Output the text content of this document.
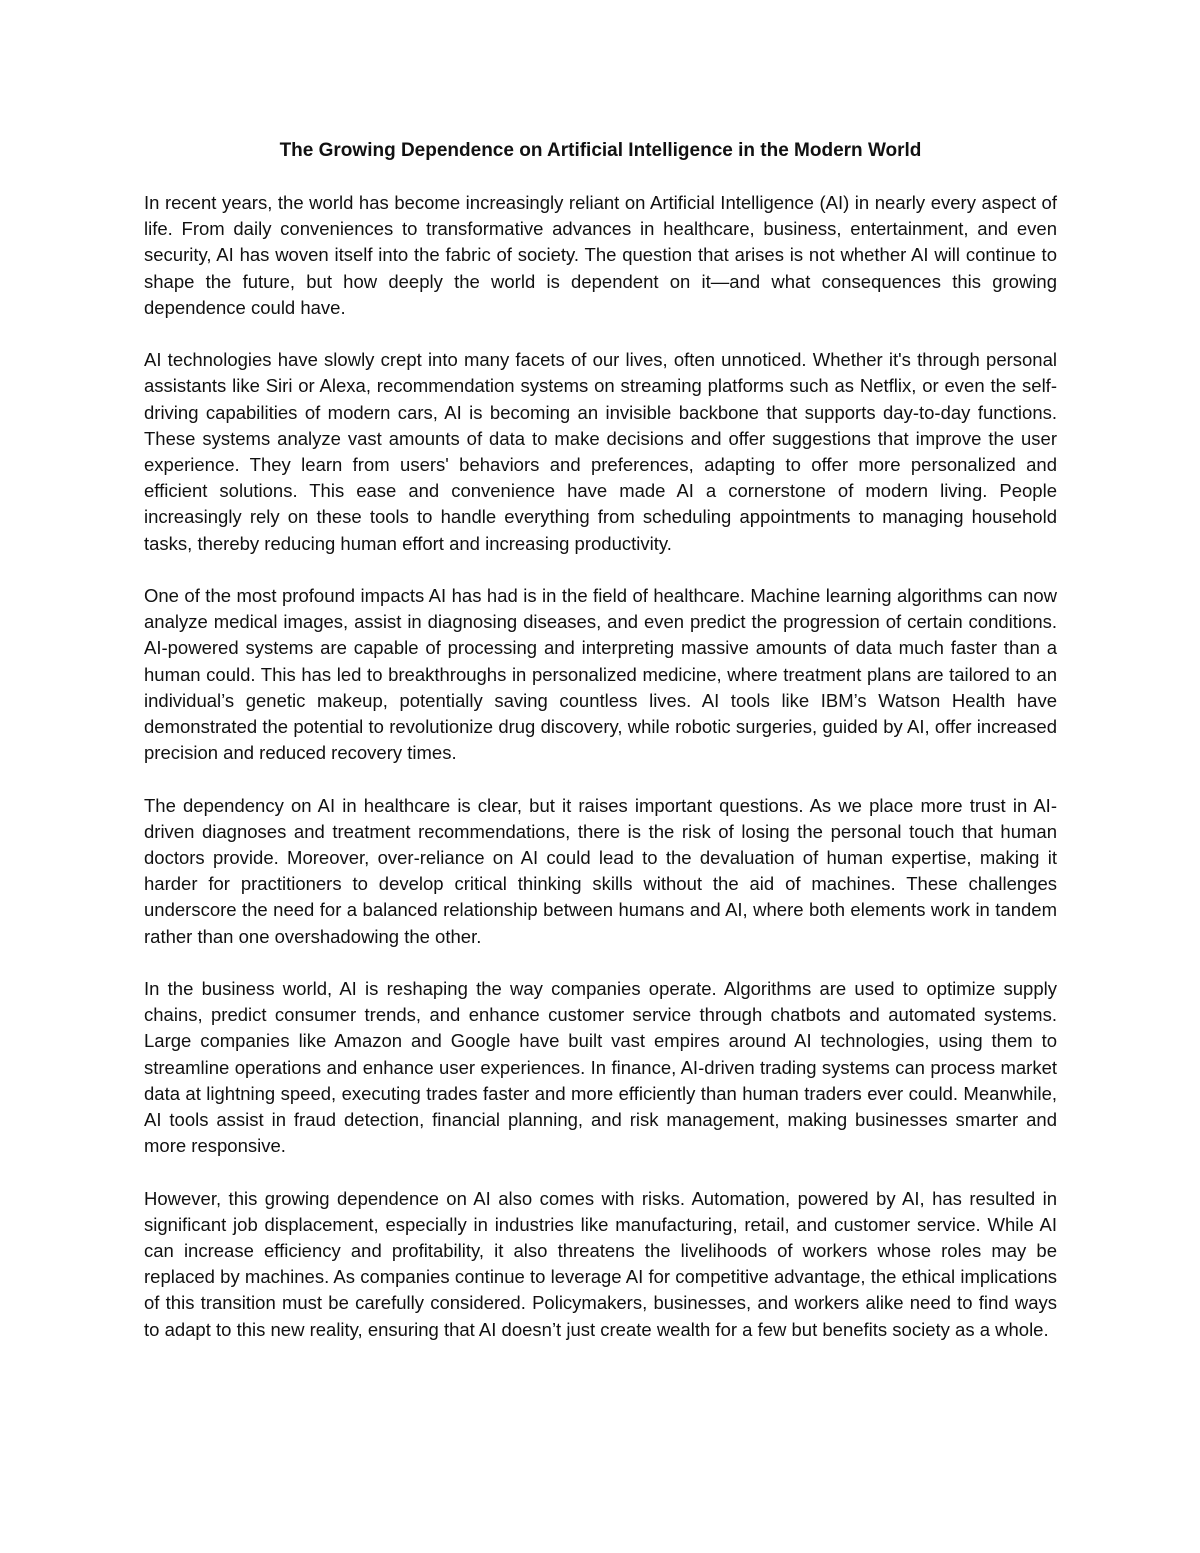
The Growing Dependence on Artificial Intelligence in the Modern World

In recent years, the world has become increasingly reliant on Artificial Intelligence (AI) in nearly every aspect of life. From daily conveniences to transformative advances in healthcare, business, entertainment, and even security, AI has woven itself into the fabric of society. The question that arises is not whether AI will continue to shape the future, but how deeply the world is dependent on it—and what consequences this growing dependence could have.

AI technologies have slowly crept into many facets of our lives, often unnoticed. Whether it's through personal assistants like Siri or Alexa, recommendation systems on streaming platforms such as Netflix, or even the self-driving capabilities of modern cars, AI is becoming an invisible backbone that supports day-to-day functions. These systems analyze vast amounts of data to make decisions and offer suggestions that improve the user experience. They learn from users' behaviors and preferences, adapting to offer more personalized and efficient solutions. This ease and convenience have made AI a cornerstone of modern living. People increasingly rely on these tools to handle everything from scheduling appointments to managing household tasks, thereby reducing human effort and increasing productivity.

One of the most profound impacts AI has had is in the field of healthcare. Machine learning algorithms can now analyze medical images, assist in diagnosing diseases, and even predict the progression of certain conditions. AI-powered systems are capable of processing and interpreting massive amounts of data much faster than a human could. This has led to breakthroughs in personalized medicine, where treatment plans are tailored to an individual’s genetic makeup, potentially saving countless lives. AI tools like IBM’s Watson Health have demonstrated the potential to revolutionize drug discovery, while robotic surgeries, guided by AI, offer increased precision and reduced recovery times.

The dependency on AI in healthcare is clear, but it raises important questions. As we place more trust in AI-driven diagnoses and treatment recommendations, there is the risk of losing the personal touch that human doctors provide. Moreover, over-reliance on AI could lead to the devaluation of human expertise, making it harder for practitioners to develop critical thinking skills without the aid of machines. These challenges underscore the need for a balanced relationship between humans and AI, where both elements work in tandem rather than one overshadowing the other.

In the business world, AI is reshaping the way companies operate. Algorithms are used to optimize supply chains, predict consumer trends, and enhance customer service through chatbots and automated systems. Large companies like Amazon and Google have built vast empires around AI technologies, using them to streamline operations and enhance user experiences. In finance, AI-driven trading systems can process market data at lightning speed, executing trades faster and more efficiently than human traders ever could. Meanwhile, AI tools assist in fraud detection, financial planning, and risk management, making businesses smarter and more responsive.

However, this growing dependence on AI also comes with risks. Automation, powered by AI, has resulted in significant job displacement, especially in industries like manufacturing, retail, and customer service. While AI can increase efficiency and profitability, it also threatens the livelihoods of workers whose roles may be replaced by machines. As companies continue to leverage AI for competitive advantage, the ethical implications of this transition must be carefully considered. Policymakers, businesses, and workers alike need to find ways to adapt to this new reality, ensuring that AI doesn’t just create wealth for a few but benefits society as a whole.
